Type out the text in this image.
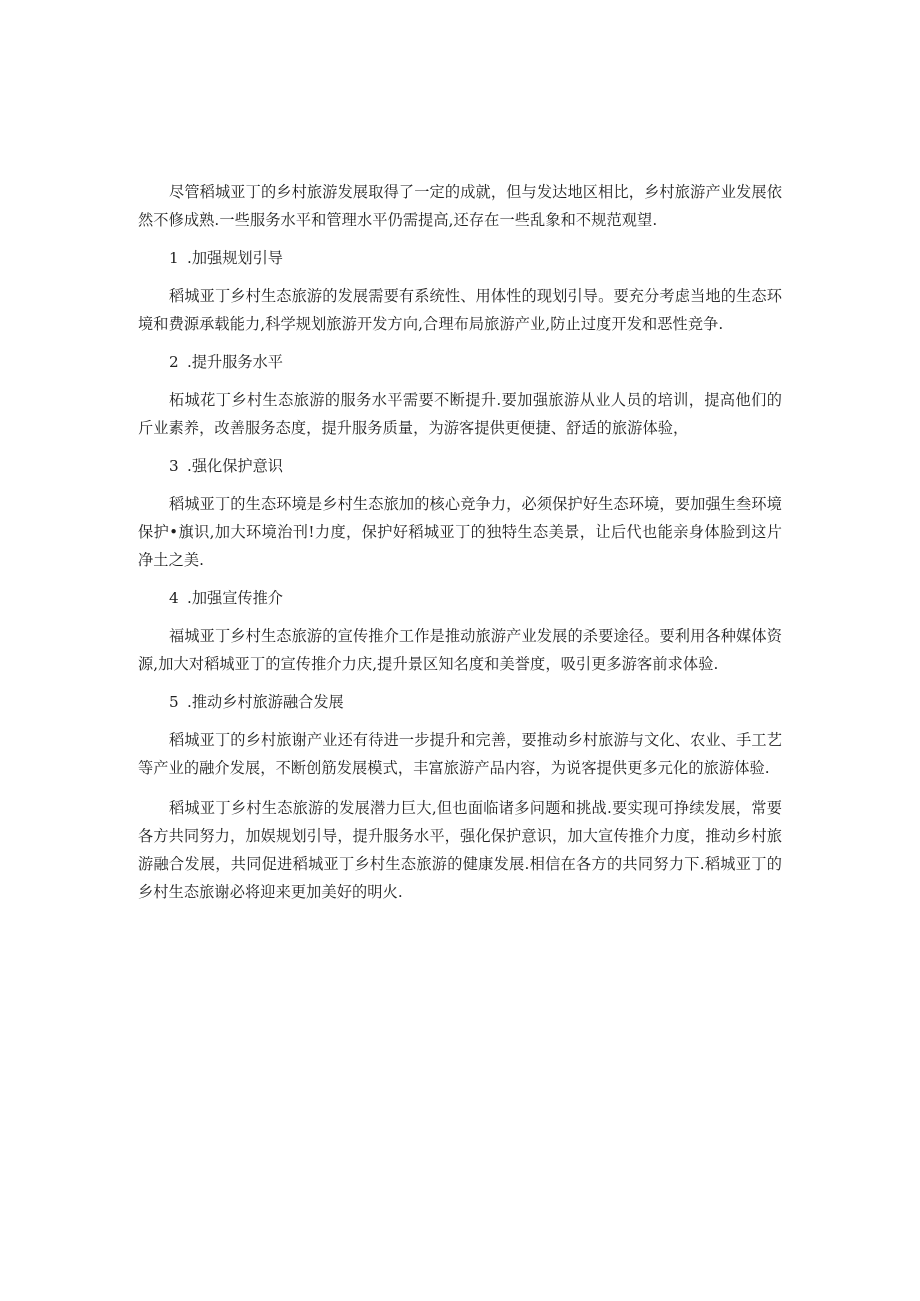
尽管稻城亚丁的乡村旅游发展取得了一定的成就，但与发达地区相比，乡村旅游产业发展依然不修成熟.一些服务水平和管理水平仍需提高,还存在一些乱象和不规范观望.

1 .加强规划引导

稻城亚丁乡村生态旅游的发展需要有系统性、用体性的现划引导。要充分考虑当地的生态环境和费源承载能力,科学规划旅游开发方向,合理布局旅游产业,防止过度开发和恶性竞争.

2 .提升服务水平

柘城花丁乡村生态旅游的服务水平需要不断提升.要加强旅游从业人员的培训，提高他们的斤业素养，改善服务态度，提升服务质量，为游客提供更便捷、舒适的旅游体验，

3 .强化保护意识

稻城亚丁的生态环境是乡村生态旅加的核心竞争力，必须保护好生态环境，要加强生叁环境保护•旗识,加大环境治刊!力度，保护好稻城亚丁的独特生态美景，让后代也能亲身体脸到这片净土之美.

4 .加强宣传推介

福城亚丁乡村生态旅游的宣传推介工作是推动旅游产业发展的杀要途径。要利用各种媒体资源,加大对稻城亚丁的宣传推介力庆,提升景区知名度和美誉度，吸引更多游客前求体验.

5 .推动乡村旅游融合发展

稻城亚丁的乡村旅谢产业还有待进一步提升和完善，要推动乡村旅游与文化、农业、手工艺等产业的融介发展，不断创筋发展模式，丰富旅游产品内容，为说客提供更多元化的旅游体验.

稻城亚丁乡村生态旅游的发展潜力巨大,但也面临诸多问题和挑战.要实现可挣续发展，常要各方共同努力，加娱规划引导，提升服务水平，强化保护意识，加大宣传推介力度，推动乡村旅游融合发展，共同促进稻城亚丁乡村生态旅游的健康发展.相信在各方的共同努力下.稻城亚丁的乡村生态旅谢必将迎来更加美好的明火.
